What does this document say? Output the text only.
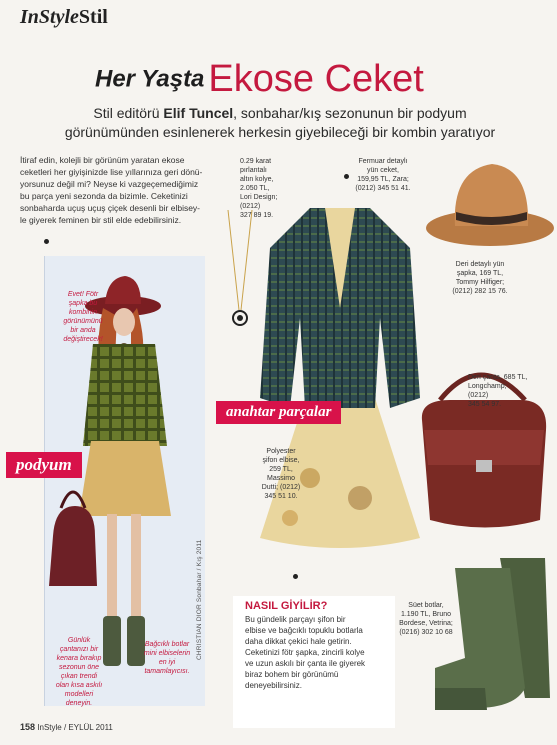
InStyleStil
Her Yaşta Ekose Ceket
Stil editörü Elif Tuncel, sonbahar/kış sezonunun bir podyum
görünümünden esinlenerek herkesin giyebileceği bir kombin yaratıyor
İtiraf edin, kolejli bir görünüm yaratan ekose
ceketleri her giyişinizde lise yıllarınıza geri dönü-
yorsunuz değil mi? Neyse ki vazgeçemediğimiz
bu parça yeni sezonda da bizimle. Ceketinizi
sonbaharda uçuş uçuş çiçek desenli bir elbisey-
le giyerek feminen bir stil elde edebilirsiniz.
Evet! Fötr
şapka bu
kombinin
görünümünü
bir anda
değiştirecek!
podyum
Günlük
çantanızı bir
kenara bırakıp
sezonun öne
çıkan trendi
olan kısa askılı
modelleri
deneyin.
Bağcıklı botlar
mini elbiselerin
en iyi
tamamlayıcısı.
CHRISTIAN DIOR Sonbahar / Kış 2011
0.29 karat
pırlantalı
altın kolye,
2.050 TL,
Lori Design;
(0212)
327 89 19.
Fermuar detaylı
yün ceket,
159,95 TL, Zara;
(0212) 345 51 41.
anahtar parçalar
Polyester
şifon elbise,
259 TL,
Massimo
Dutti; (0212)
345 51 10.
Deri detaylı yün
şapka, 169 TL,
Tommy Hilfiger;
(0212) 282 15 76.
Deri çanta, 685 TL,
Longchamp;
(0212)
345 54 97.
Süet botlar,
1.190 TL, Bruno
Bordese, Vetrina;
(0216) 302 10 68
NASIL GİYİLİR?
Bu gündelik parçayı şifon bir
elbise ve bağcıklı topuklu botlarla
daha dikkat çekici hale getirin.
Ceketinizi fötr şapka, zincirli kolye
ve uzun askılı bir çanta ile giyerek
biraz bohem bir görünümü
deneyebilirsiniz.
158 InStyle / EYLÜL 2011
